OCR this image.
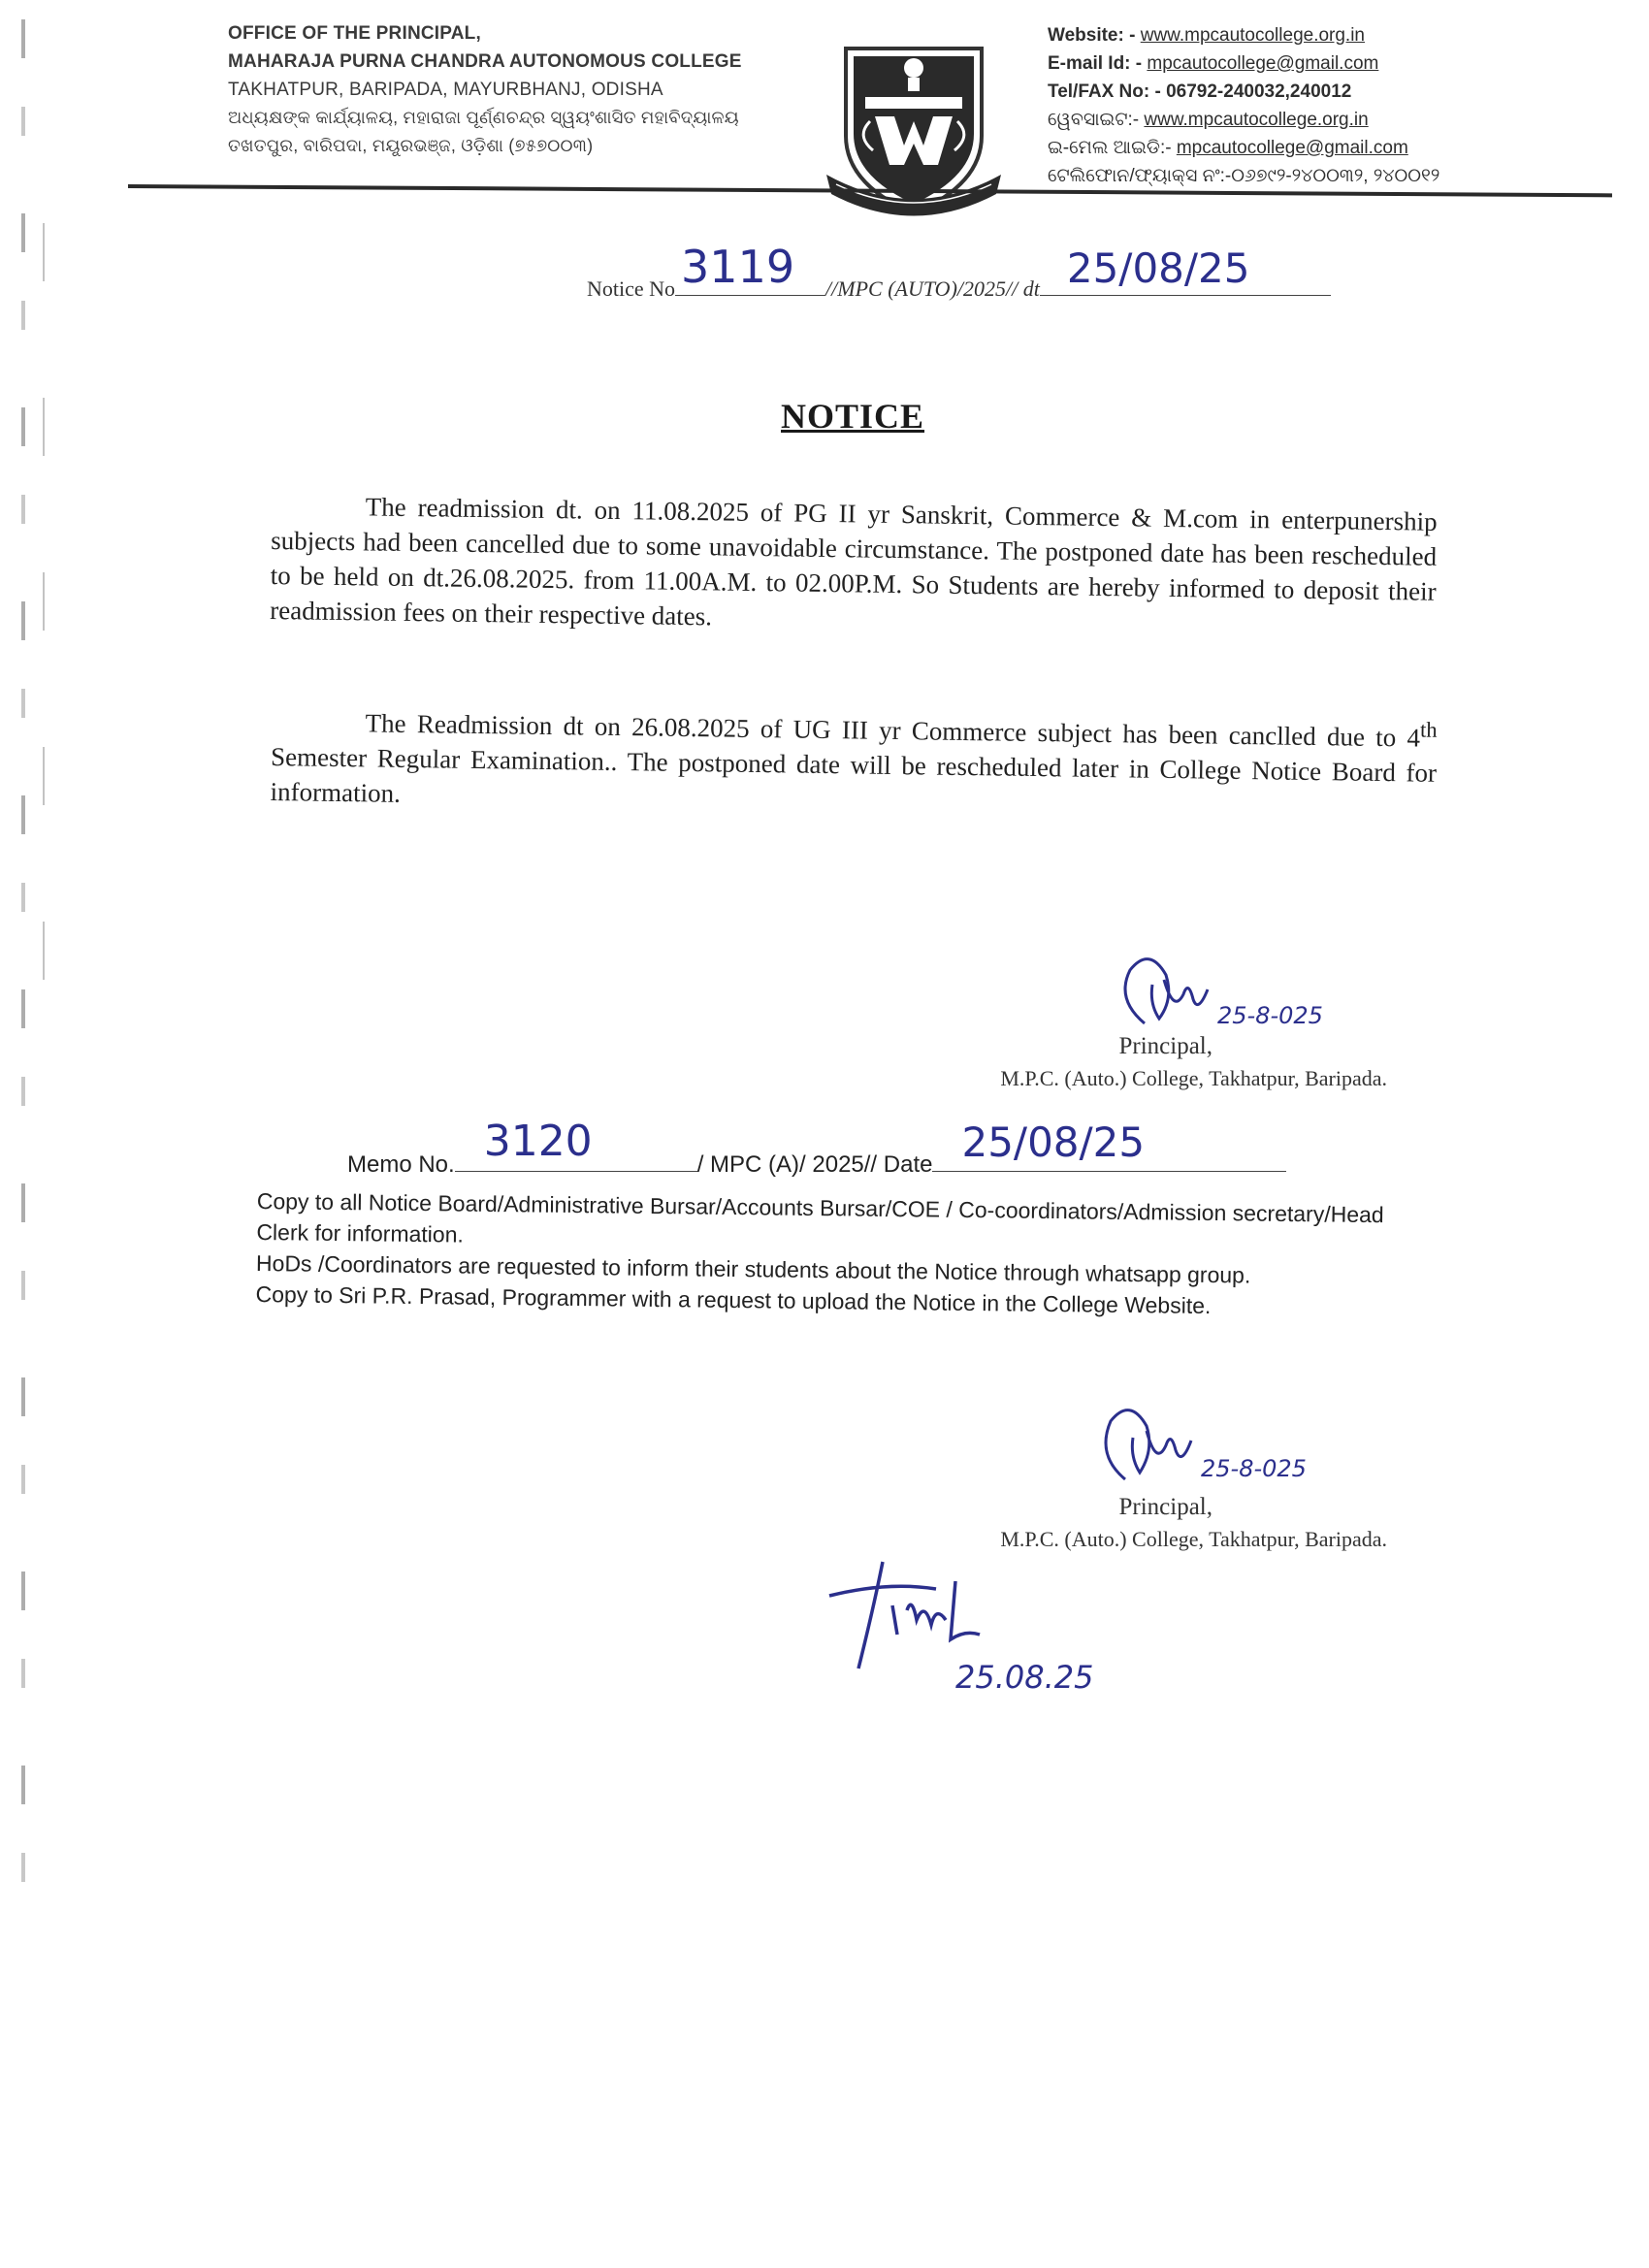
OFFICE OF THE PRINCIPAL,
MAHARAJA PURNA CHANDRA AUTONOMOUS COLLEGE
TAKHATPUR, BARIPADA, MAYURBHANJ, ODISHA
ଅଧ୍ୟକ୍ଷଙ୍କ କାର୍ଯ୍ୟାଳୟ, ମହାରାଜା ପୂର୍ଣ୍ଣଚନ୍ଦ୍ର ସ୍ୱୟଂଶାସିତ ମହାବିଦ୍ୟାଳୟ
ତଖତପୁର, ବାରିପଦା, ମୟୂରଭଞ୍ଜ, ଓଡ଼ିଶା (୭୫୭୦୦୩)
Website: - www.mpcautocollege.org.in
E-mail Id: - mpcautocollege@gmail.com
Tel/FAX No: - 06792-240032,240012
ୱେବସାଇଟ:- www.mpcautocollege.org.in
ଇ-ମେଲ ଆଇଡି:- mpcautocollege@gmail.com
ଟେଲିଫୋନ/ଫ୍ୟାକ୍ସ ନଂ:-୦୬୭୯୨-୨୪୦୦୩୨, ୨୪୦୦୧୨
Notice No 3119 //MPC (AUTO)/2025// dt 25/08/25
NOTICE

The readmission dt. on 11.08.2025 of PG II yr Sanskrit, Commerce & M.com in enterpunership subjects had been cancelled due to some unavoidable circumstance. The postponed date has been rescheduled to be held on dt.26.08.2025. from 11.00A.M. to 02.00P.M. So Students are hereby informed to deposit their readmission fees on their respective dates.

The Readmission dt on 26.08.2025 of UG III yr Commerce subject has been canclled due to 4th Semester Regular Examination.. The postponed date will be rescheduled later in College Notice Board for information.

25-8-025
Principal,
M.P.C. (Auto.) College, Takhatpur, Baripada.
Memo No. 3120	/ MPC (A)/ 2025// Date 25/08/25

Copy to all Notice Board/Administrative Bursar/Accounts Bursar/COE / Co-coordinators/Admission secretary/Head Clerk for information.

HoDs /Coordinators are requested to inform their students about the Notice through whatsapp group.

Copy to Sri P.R. Prasad, Programmer with a request to upload the Notice in the College Website.

25-8-025
Principal,
M.P.C. (Auto.) College, Takhatpur, Baripada.
25.08.25
